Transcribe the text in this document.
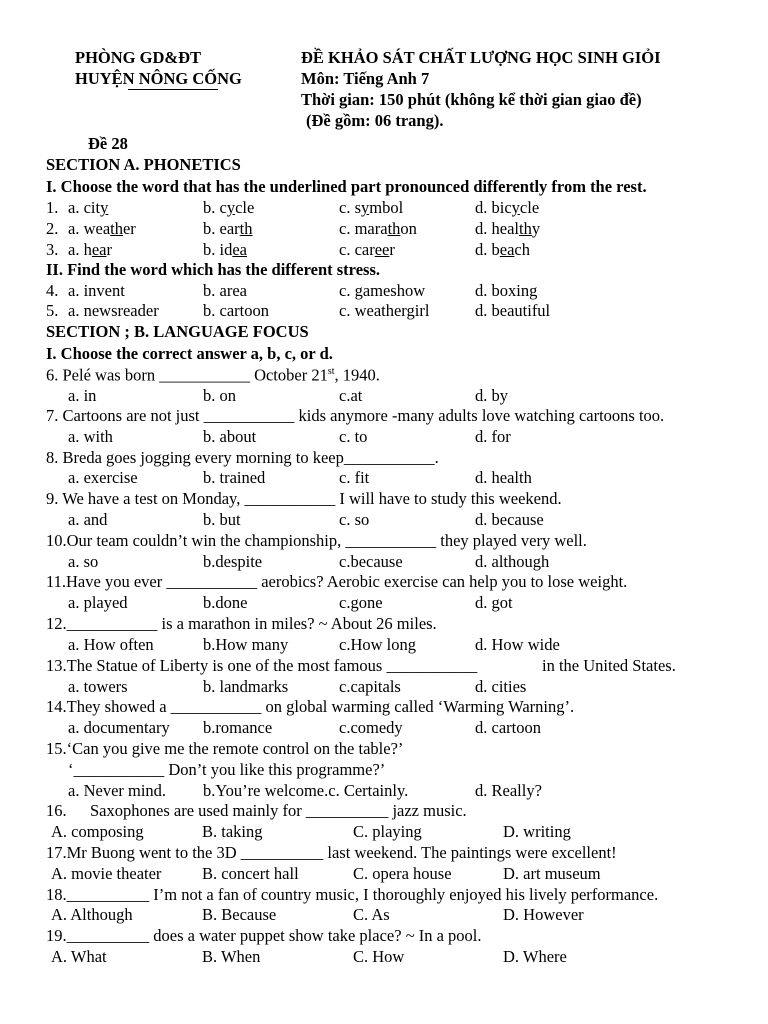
PHÒNG GD&ĐT
HUYỆN NÔNG CỐNG
ĐỀ KHẢO SÁT CHẤT LƯỢNG HỌC SINH GIỎI
Môn: Tiếng Anh 7
Thời gian: 150 phút (không kể thời gian giao đề)
(Đề gồm: 06 trang).
Đề 28
SECTION A. PHONETICS
I. Choose the word that has the underlined part pronounced differently from the rest.
1. a. city	b. cycle	c. symbol	d. bicycle
2. a. weather	b. earth	c. marathon	d. healthy
3. a. hear	b. idea	c. career	d. beach
II. Find the word which has the different stress.
4. a. invent	b. area	c. gameshow	d. boxing
5. a. newsreader	b. cartoon	c. weathergirl	d. beautiful
SECTION ; B. LANGUAGE FOCUS
I. Choose the correct answer a, b, c, or d.
6. Pelé was born ___________ October 21st, 1940.
a. in	b. on	c.at	d. by
7. Cartoons are not just ___________ kids anymore -many adults love watching cartoons too.
a. with	b. about	c. to	d. for
8. Breda goes jogging every morning to keep___________.
a. exercise	b. trained	c. fit	d. health
9. We have a test on Monday, ___________ I will have to study this weekend.
a. and	b. but	c. so	d. because
10.Our team couldn’t win the championship, ___________ they played very well.
a. so	b.despite	c.because	d. although
11.Have you ever ___________ aerobics? Aerobic exercise can help you to lose weight.
a. played	b.done	c.gone	d. got
12.___________ is a marathon in miles? ~ About 26 miles.
a. How often	b.How many	c.How long	d. How wide
13.The Statue of Liberty is one of the most famous ___________	in the United States.
a. towers	b. landmarks	c.capitals	d. cities
14.They showed a ___________ on global warming called ‘Warming Warning’.
a. documentary b.romance	c.comedy	d. cartoon
15.‘Can you give me the remote control on the table?’
‘___________ Don’t you like this programme?’
a. Never mind. b.You’re welcome.c. Certainly.	d. Really?
16. Saxophones are used mainly for __________ jazz music.
A. composing	B. taking	C. playing	D. writing
17.Mr Buong went to the 3D __________ last weekend. The paintings were excellent!
A. movie theater B. concert hall	C. opera house	D. art museum
18.__________ I’m not a fan of country music, I thoroughly enjoyed his lively performance.
A. Although	B. Because	C. As	D. However
19.__________ does a water puppet show take place? ~ In a pool.
A. What	B. When	C. How	D. Where
